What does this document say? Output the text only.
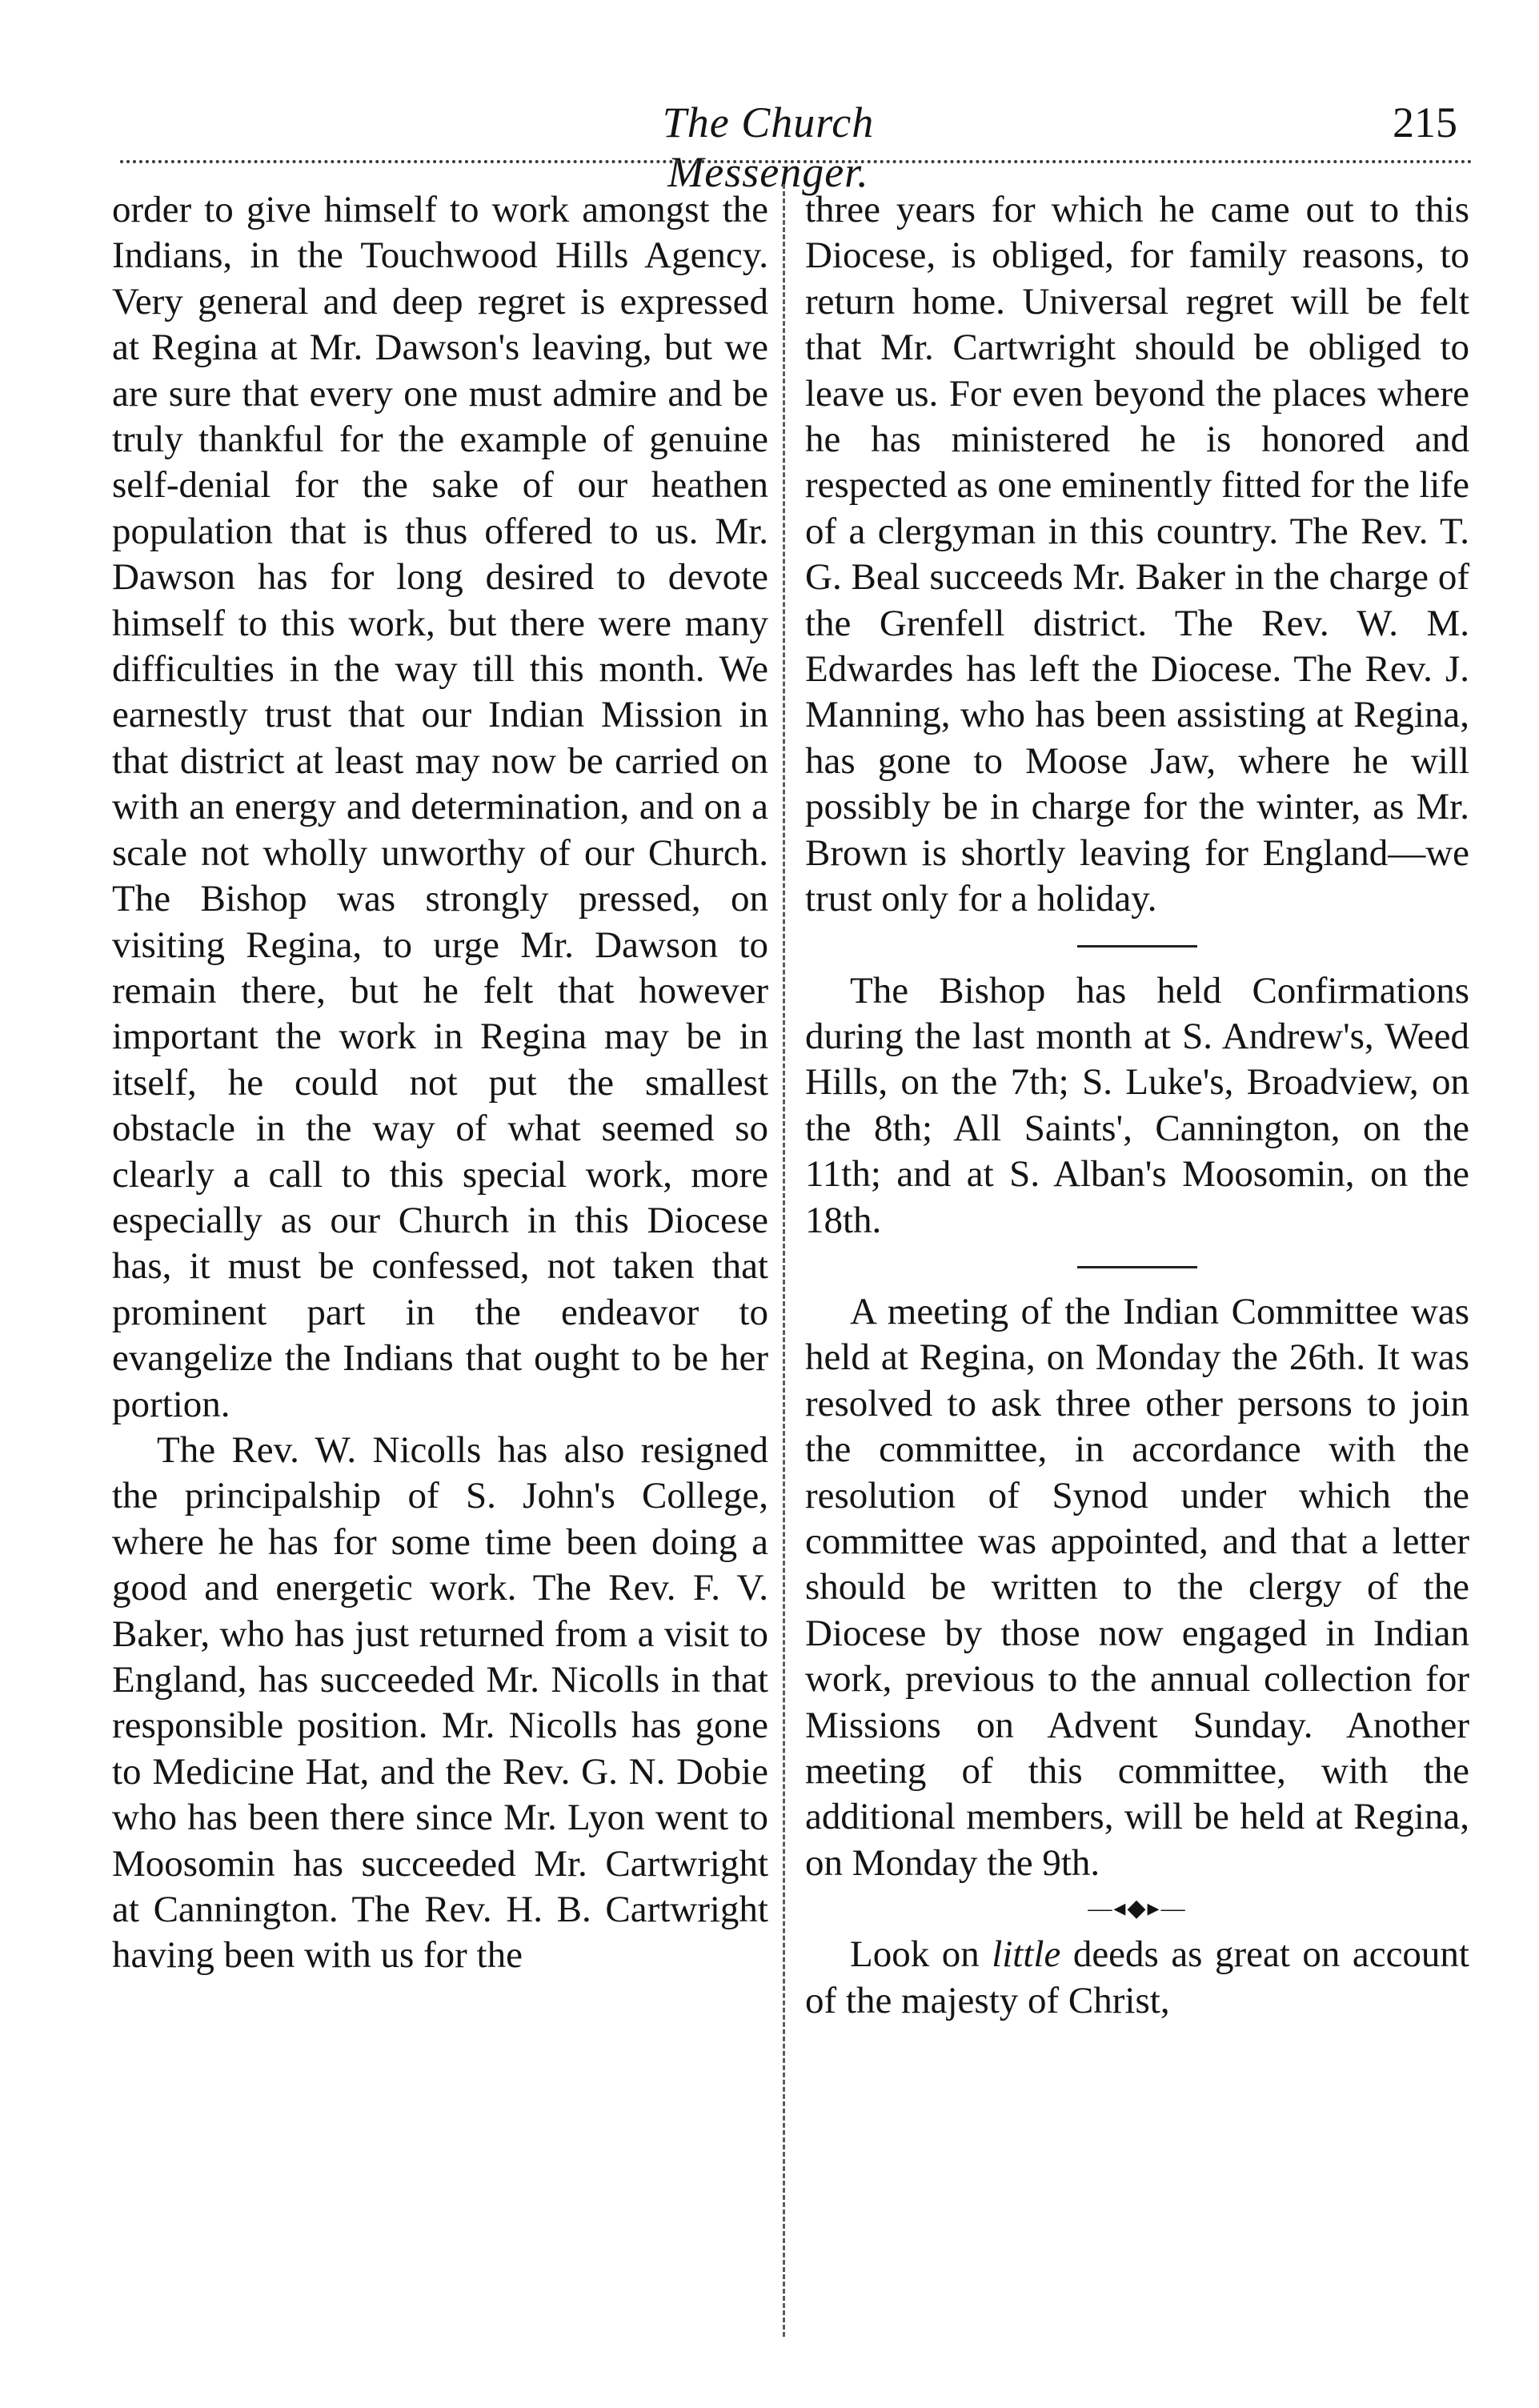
The Church Messenger.
215

order to give himself to work amongst the Indians, in the Touchwood Hills Agency. Very general and deep regret is expressed at Regina at Mr. Dawson's leaving, but we are sure that every one must admire and be truly thankful for the example of genuine self-denial for the sake of our heathen population that is thus offered to us. Mr. Dawson has for long desired to devote himself to this work, but there were many difficulties in the way till this month. We earnestly trust that our Indian Mission in that district at least may now be carried on with an energy and determination, and on a scale not wholly unworthy of our Church. The Bishop was strongly pressed, on visiting Regina, to urge Mr. Dawson to remain there, but he felt that however important the work in Regina may be in itself, he could not put the smallest obstacle in the way of what seemed so clearly a call to this special work, more especially as our Church in this Diocese has, it must be confessed, not taken that prominent part in the endeavor to evangelize the Indians that ought to be her portion.

The Rev. W. Nicolls has also resigned the principalship of S. John's College, where he has for some time been doing a good and energetic work. The Rev. F. V. Baker, who has just returned from a visit to England, has succeeded Mr. Nicolls in that responsible position. Mr. Nicolls has gone to Medicine Hat, and the Rev. G. N. Dobie who has been there since Mr. Lyon went to Moosomin has succeeded Mr. Cartwright at Cannington. The Rev. H. B. Cartwright having been with us for the

three years for which he came out to this Diocese, is obliged, for family reasons, to return home. Universal regret will be felt that Mr. Cartwright should be obliged to leave us. For even beyond the places where he has ministered he is honored and respected as one eminently fitted for the life of a clergyman in this country. The Rev. T. G. Beal succeeds Mr. Baker in the charge of the Grenfell district. The Rev. W. M. Edwardes has left the Diocese. The Rev. J. Manning, who has been assisting at Regina, has gone to Moose Jaw, where he will possibly be in charge for the winter, as Mr. Brown is shortly leaving for England—we trust only for a holiday.

The Bishop has held Confirmations during the last month at S. Andrew's, Weed Hills, on the 7th; S. Luke's, Broadview, on the 8th; All Saints', Cannington, on the 11th; and at S. Alban's Moosomin, on the 18th.

A meeting of the Indian Committee was held at Regina, on Monday the 26th. It was resolved to ask three other persons to join the committee, in accordance with the resolution of Synod under which the committee was appointed, and that a letter should be written to the clergy of the Diocese by those now engaged in Indian work, previous to the annual collection for Missions on Advent Sunday. Another meeting of this committee, with the additional members, will be held at Regina, on Monday the 9th.

—◂◆▸—

Look on little deeds as great on account of the majesty of Christ,
